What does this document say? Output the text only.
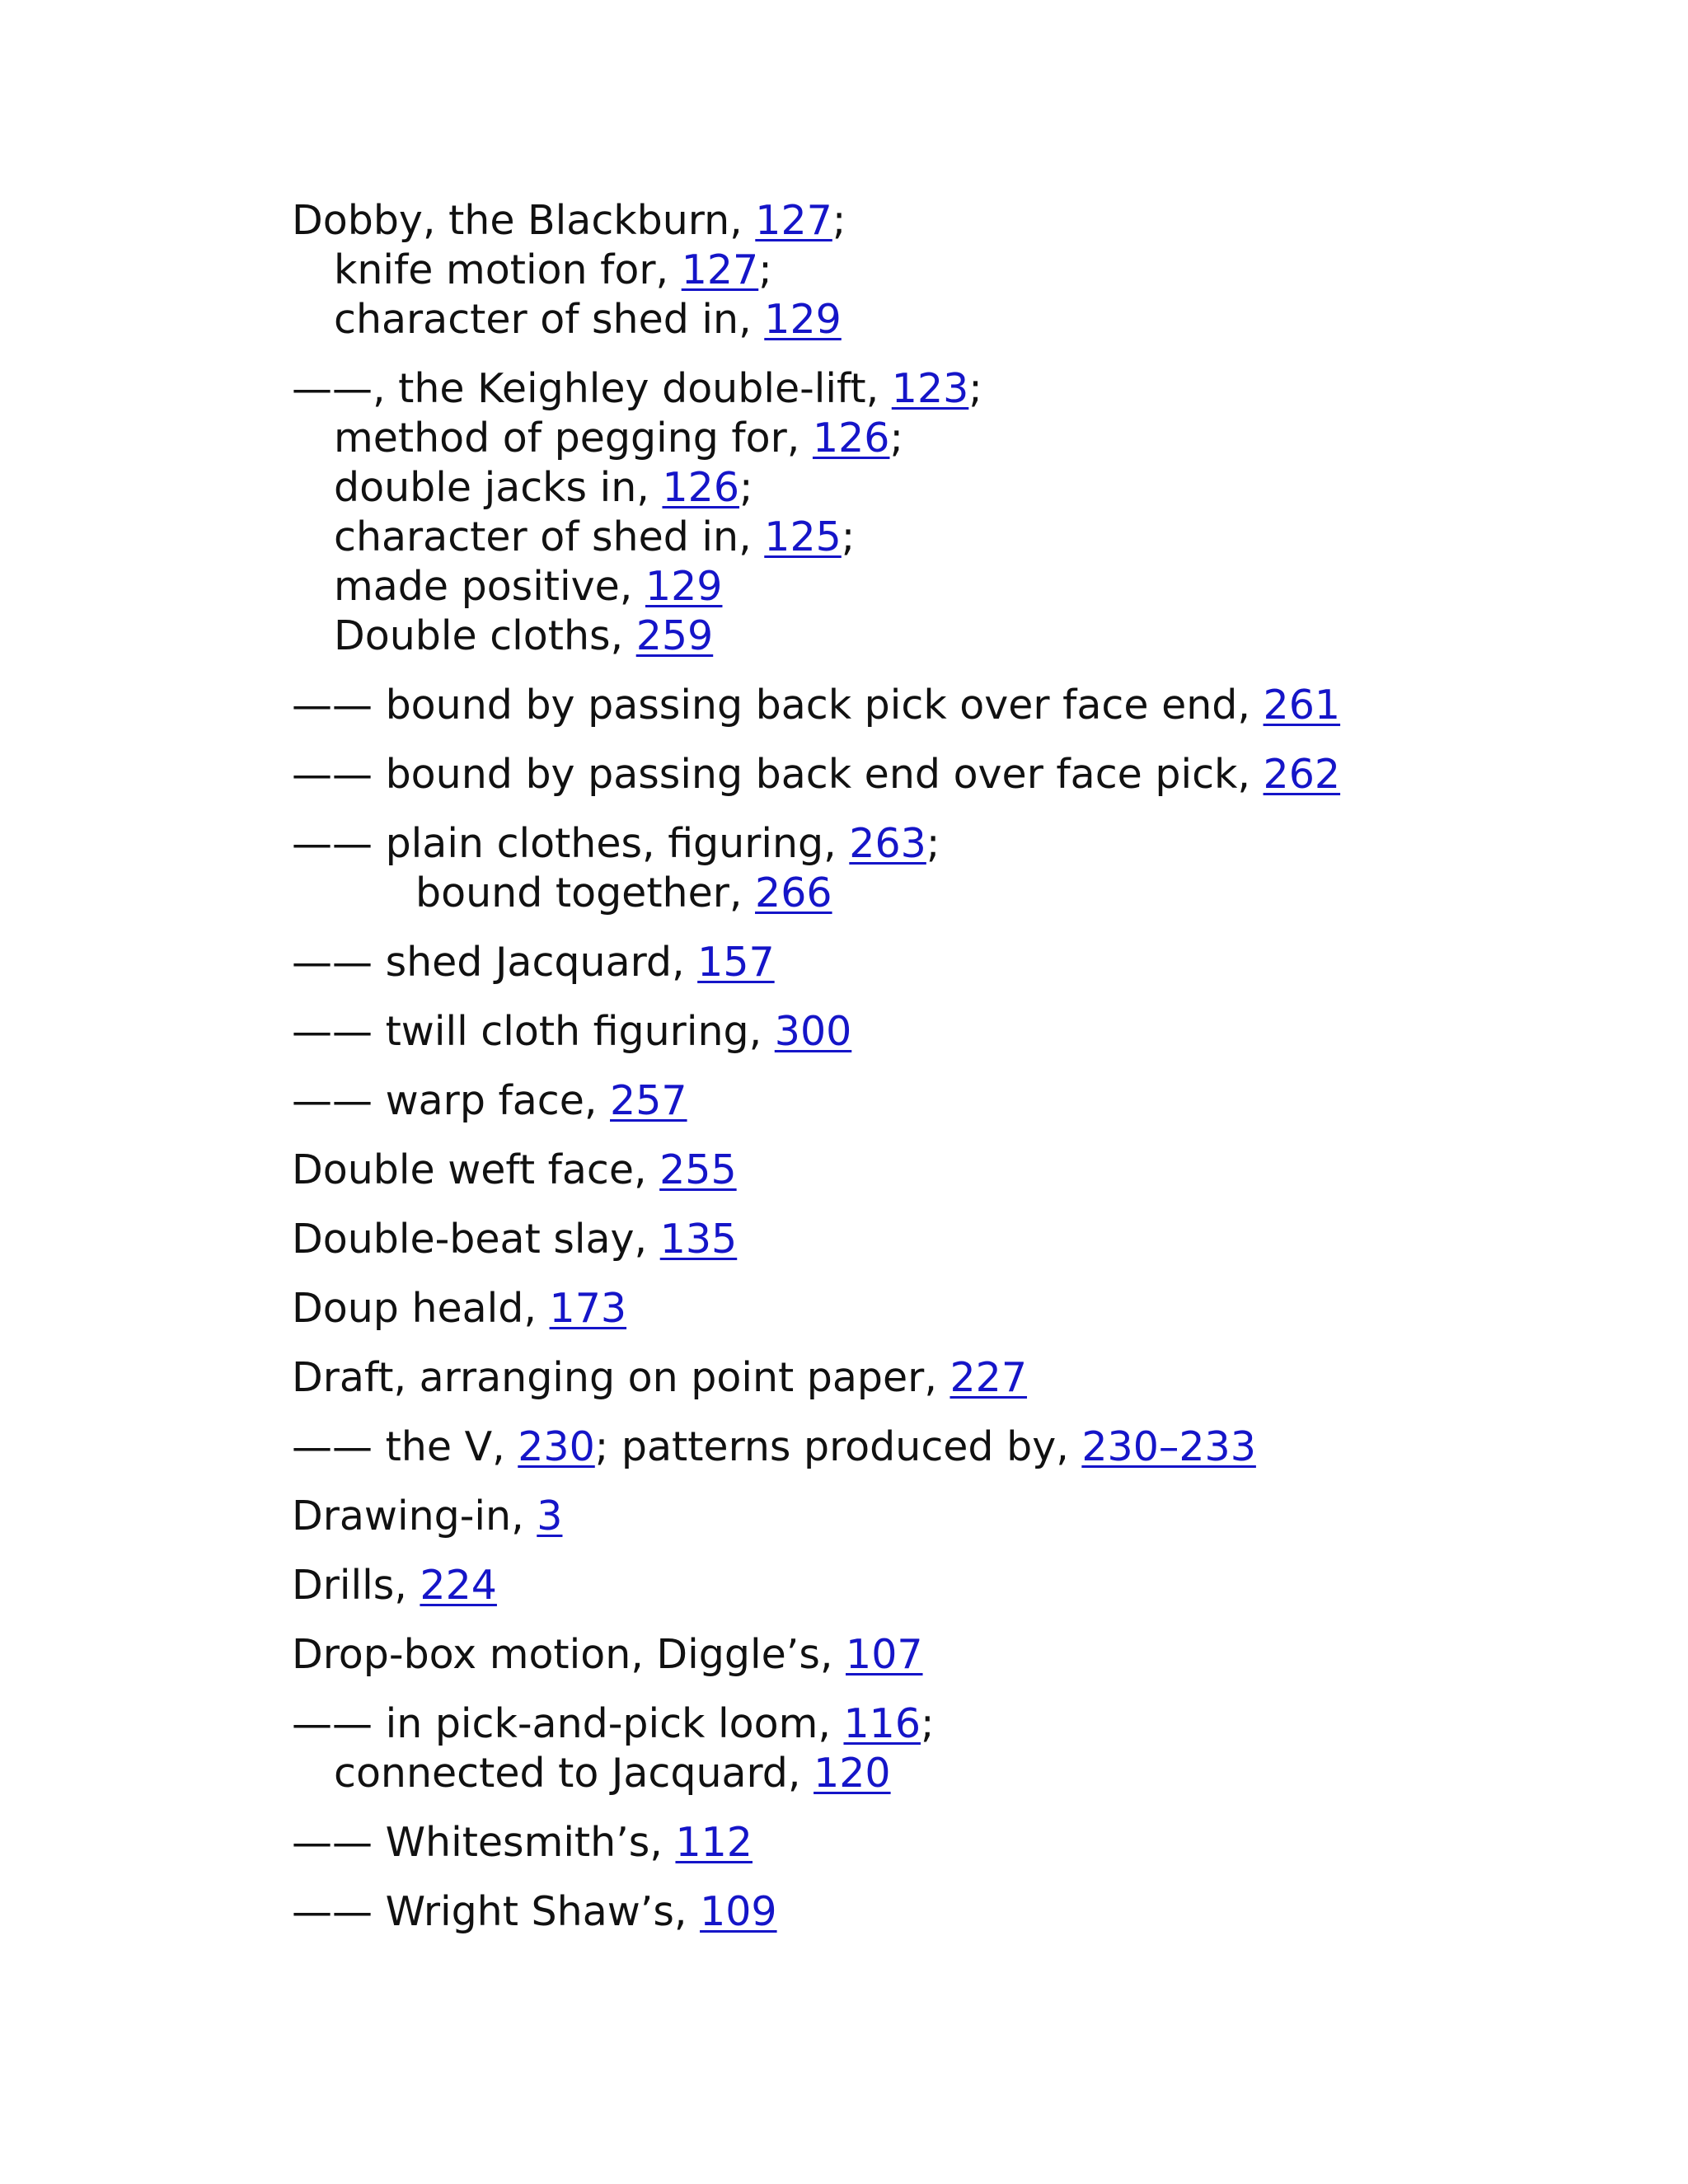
Dobby, the Blackburn, 127;
knife motion for, 127;
character of shed in, 129
——, the Keighley double-lift, 123;
method of pegging for, 126;
double jacks in, 126;
character of shed in, 125;
made positive, 129
Double cloths, 259
—— bound by passing back pick over face end, 261
—— bound by passing back end over face pick, 262
—— plain clothes, figuring, 263;
bound together, 266
—— shed Jacquard, 157
—— twill cloth figuring, 300
—— warp face, 257
Double weft face, 255
Double-beat slay, 135
Doup heald, 173
Draft, arranging on point paper, 227
—— the V, 230; patterns produced by, 230–233
Drawing-in, 3
Drills, 224
Drop-box motion, Diggle’s, 107
—— in pick-and-pick loom, 116;
connected to Jacquard, 120
—— Whitesmith’s, 112
—— Wright Shaw’s, 109
